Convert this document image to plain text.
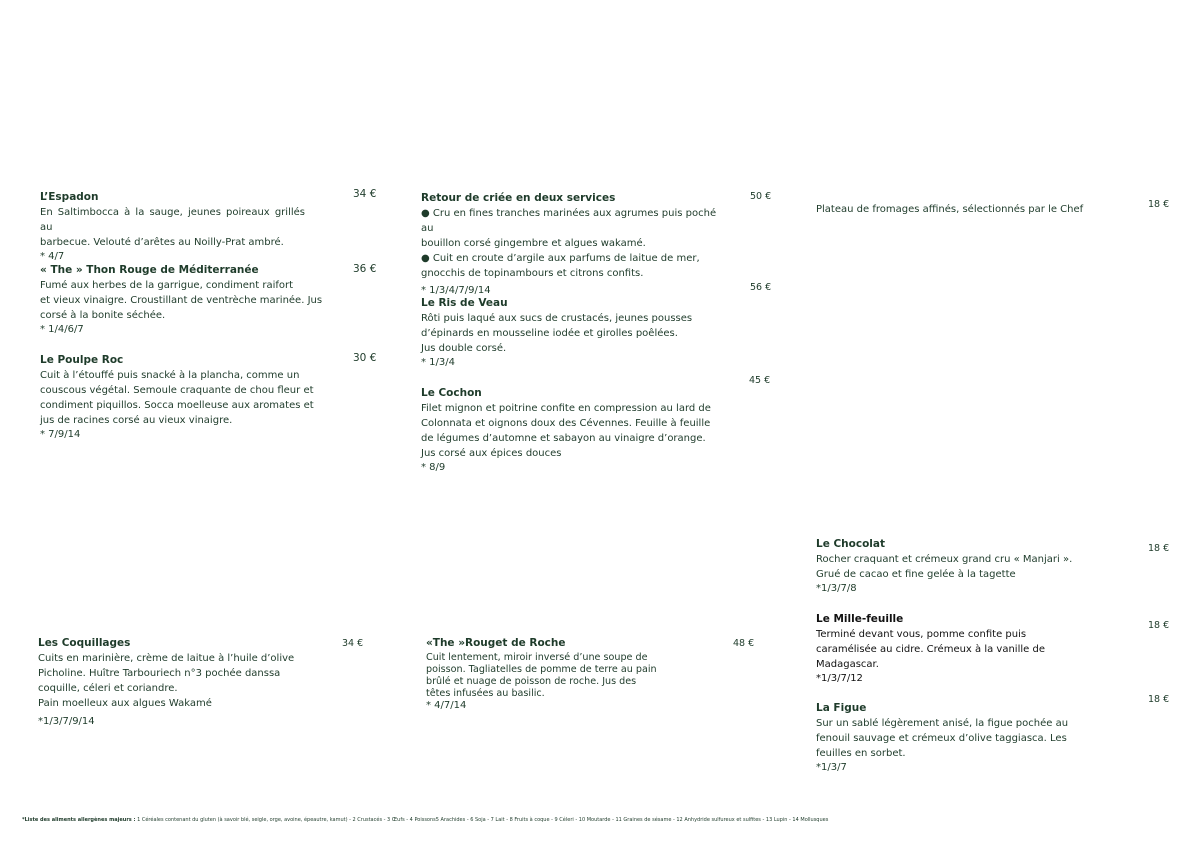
L’Espadon

En Saltimbocca à la sauge, jeunes poireaux grillés au

barbecue. Velouté d’arêtes au Noilly-Prat ambré.

* 4/7

34 €
« The » Thon Rouge de Méditerranée

Fumé aux herbes de la garrigue, condiment raifort

et vieux vinaigre. Croustillant de ventrèche marinée. Jus

corsé à la bonite séchée.

* 1/4/6/7

36 €
Le Poulpe Roc

Cuit à l’étouffé puis snacké à la plancha, comme un

couscous végétal. Semoule craquante de chou fleur et

condiment piquillos. Socca moelleuse aux aromates et

jus de racines corsé au vieux vinaigre.

* 7/9/14

30 €
Retour de criée en deux services

● Cru en fines tranches marinées aux agrumes puis poché au

bouillon corsé gingembre et algues wakamé.

● Cuit en croute d’argile aux parfums de laitue de mer,

gnocchis de topinambours et citrons confits.

* 1/3/4/7/9/14

50 €
Le Ris de Veau

Rôti puis laqué aux sucs de crustacés, jeunes pousses

d’épinards en mousseline iodée et girolles poêlées.

Jus double corsé.

* 1/3/4

56 €
Le Cochon

Filet mignon et poitrine confite en compression au lard de

Colonnata et oignons doux des Cévennes. Feuille à feuille

de légumes d’automne et sabayon au vinaigre d’orange.

Jus corsé aux épices douces

* 8/9

45 €

Plateau de fromages affinés, sélectionnés par le Chef	18 €
Le Chocolat

Rocher craquant et crémeux grand cru « Manjari ».

Grué de cacao et fine gelée à la tagette

*1/3/7/8

18 €
Le Mille-feuille

Terminé devant vous, pomme confite puis

caramélisée au cidre. Crémeux à la vanille de

Madagascar.

*1/3/7/12

18 €
La Figue

Sur un sablé légèrement anisé, la figue pochée au

fenouil sauvage et crémeux d’olive taggiasca. Les

feuilles en sorbet.

*1/3/7

18 €
Les Coquillages

Cuits en marinière, crème de laitue à l’huile d’olive

Picholine. Huître Tarbouriech n°3 pochée danssa

coquille, céleri et coriandre.

Pain moelleux aux algues Wakamé

*1/3/7/9/14

34 €	«The »Rouget de Roche

Cuit lentement, miroir inversé d’une soupe de

poisson. Tagliatelles de pomme de terre au pain

brûlé et nuage de poisson de roche. Jus des

têtes infusées au basilic.

* 4/7/14

48 €
*Liste des aliments allergènes majeurs : 1 Céréales contenant du gluten (à savoir blé, seigle, orge, avoine, épeautre, kamut) - 2 Crustacés - 3 Œufs - 4 Poissons5 Arachides - 6 Soja - 7 Lait - 8 Fruits à coque - 9 Céleri - 10 Moutarde - 11 Graines de sésame - 12 Anhydride sulfureux et sulfites - 13 Lupin - 14 Mollusques
